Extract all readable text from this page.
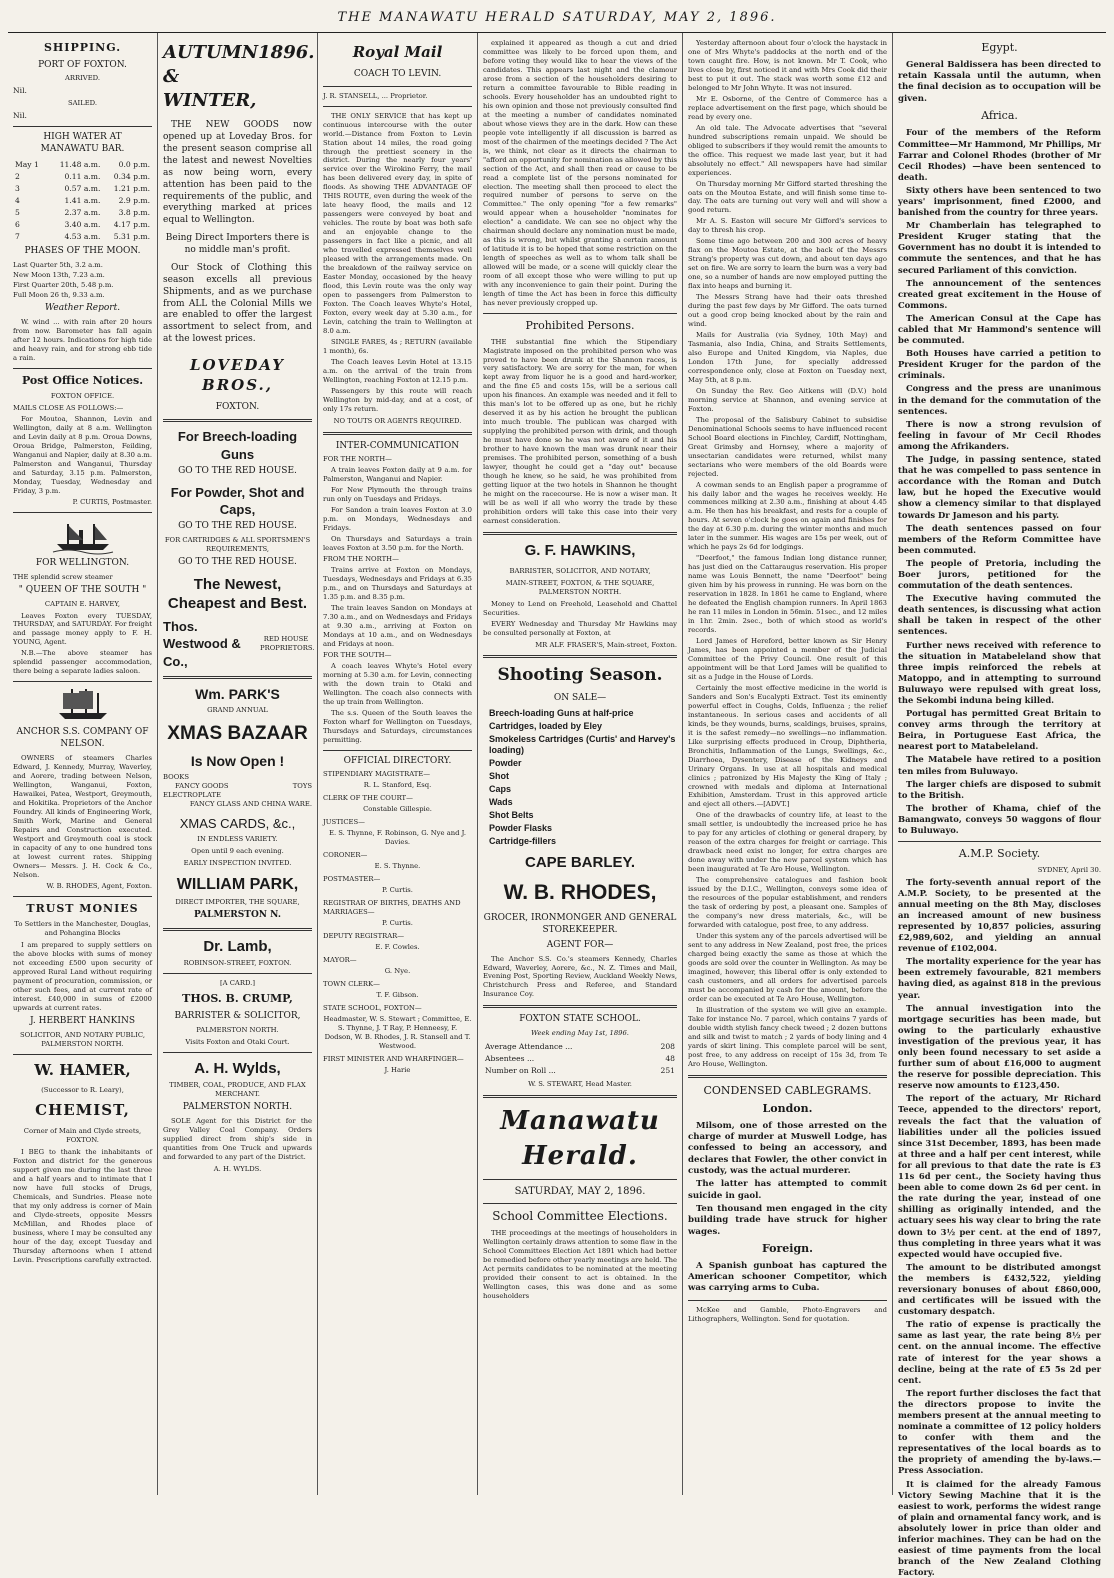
THE MANAWATU HERALD SATURDAY, MAY 2, 1896.
SHIPPING.
PORT OF FOXTON.
ARRIVED.
Nil.
SAILED.
Nil.
HIGH WATER AT MANAWATU BAR.
May 1	11.48 a.m.	0.0 p.m.
2	0.11 a.m.	0.34 p.m.
3	0.57 a.m.	1.21 p.m.
4	1.41 a.m.	2.9 p.m.
5	2.37 a.m.	3.8 p.m.
6	3.40 a.m.	4.17 p.m.
7	4.53 a.m.	5.31 p.m.
PHASES OF THE MOON.
Last Quarter 5th, 3.2 a.m.
New Moon 13th, 7.23 a.m.
First Quarter 20th, 5.48 p.m.
Full Moon 26 th, 9.33 a.m.
Weather Report.
W. wind ... with rain after 20 hours from now. Barometer has fall again after 12 hours. Indications for high tide and heavy rain, and for strong ebb tide a rain.
Post Office Notices.
FOXTON OFFICE.
MAILS CLOSE AS FOLLOWS:—
For Moutoa, Shannon, Levin and Wellington, daily at 8 a.m. Wellington and Levin daily at 8 p.m. Oroua Downs, Oroua Bridge, Palmerston, Feilding, Wanganui and Napier, daily at 8.30 a.m. Palmerston and Wanganui, Thursday and Saturday, 3.15 p.m. Palmerston, Monday, Tuesday, Wednesday and Friday, 3 p.m.
P. CURTIS, Postmaster.
FOR WELLINGTON.
THE splendid screw steamer
" QUEEN OF THE SOUTH "
CAPTAIN E. HARVEY,
Leaves Foxton every TUESDAY, THURSDAY, and SATURDAY. For freight and passage money apply to F. H. YOUNG, Agent.
N.B.—The above steamer has splendid passenger accommodation, there being a separate ladies saloon.
ANCHOR S.S. COMPANY OF NELSON.
OWNERS of steamers Charles Edward, J. Kennedy, Murray, Waverley, and Aorere, trading between Nelson, Wellington, Wanganui, Foxton, Hawaikei, Patea, Westport, Greymouth, and Hokitika. Proprietors of the Anchor Foundry. All kinds of Engineering Work, Smith Work, Marine and General Repairs and Construction executed. Westport and Greymouth coal is stock in capacity of any to one hundred tons at lowest current rates. Shipping Owners— Messrs. J. H. Cock & Co., Nelson.
W. B. RHODES, Agent, Foxton.
TRUST MONIES
To Settlers in the Manchester, Douglas, and Pohangina Blocks
I am prepared to supply settlers on the above blocks with sums of money not exceeding £500 upon security of approved Rural Land without requiring payment of procuration, commission, or other such fees, and at current rate of interest. £40,000 in sums of £2000 upwards at current rates.
J. HERBERT HANKINS
SOLICITOR, AND NOTARY PUBLIC, PALMERSTON NORTH.
W. HAMER,
(Successor to R. Leary),
CHEMIST,
Corner of Main and Clyde streets, FOXTON.
I BEG to thank the inhabitants of Foxton and district for the generous support given me during the last three and a half years and to intimate that I now have full stocks of Drugs, Chemicals, and Sundries. Please note that my only address is corner of Main and Clyde-streets, opposite Messrs McMillan, and Rhodes place of business, where I may be consulted any hour of the day, except Tuesday and Thursday afternoons when I attend Levin. Prescriptions carefully extracted.
AUTUMN & WINTER,
1896.
THE NEW GOODS now opened up at Loveday Bros. for the present season comprise all the latest and newest Novelties as now being worn, every attention has been paid to the requirements of the public, and everything marked at prices equal to Wellington.
Being Direct Importers there is no middle man's profit.
Our Stock of Clothing this season excells all previous Shipments, and as we purchase from ALL the Colonial Mills we are enabled to offer the largest assortment to select from, and at the lowest prices.
LOVEDAY BROS.,
FOXTON.
For Breech-loading Guns
GO TO THE RED HOUSE.
For Powder, Shot and Caps,
GO TO THE RED HOUSE.
FOR CARTRIDGES & ALL SPORTSMEN'S REQUIREMENTS,
GO TO THE RED HOUSE.
The Newest, Cheapest and Best.
Thos. Westwood & Co.,
RED HOUSE PROPRIETORS.
Wm. PARK'S
GRAND ANNUAL
XMAS BAZAAR
Is Now Open !
BOOKS
FANCY GOODS	TOYS
ELECTROPLATE
FANCY GLASS AND CHINA WARE.
XMAS CARDS, &c.,
IN ENDLESS VARIETY.
Open until 9 each evening.
EARLY INSPECTION INVITED.
WILLIAM PARK,
DIRECT IMPORTER, THE SQUARE,
PALMERSTON N.
Dr. Lamb,
ROBINSON-STREET, FOXTON.
[A CARD.]
THOS. B. CRUMP,
BARRISTER & SOLICITOR,
PALMERSTON NORTH.
Visits Foxton and Otaki Court.
A. H. Wylds,
TIMBER, COAL, PRODUCE, AND FLAX MERCHANT.
PALMERSTON NORTH.
SOLE Agent for this District for the Grey Valley Coal Company. Orders supplied direct from ship's side in quantities from One Truck and upwards and forwarded to any part of the District.
A. H. WYLDS.
Royal Mail
COACH TO LEVIN.
J. R. STANSELL, ... Proprietor.
THE ONLY SERVICE that has kept up continuous intercourse with the outer world.—Distance from Foxton to Levin Station about 14 miles, the road going through the prettiest scenery in the district. During the nearly four years' service over the Wirokino Ferry, the mail has been delivered every day, in spite of floods. As showing THE ADVANTAGE OF THIS ROUTE, even during the week of the late heavy flood, the mails and 12 passengers were conveyed by boat and vehicles. The route by boat was both safe and an enjoyable change to the passengers in fact like a picnic, and all who travelled expressed themselves well pleased with the arrangements made. On the breakdown of the railway service on Easter Monday, occasioned by the heavy flood, this Levin route was the only way open to passengers from Palmerston to Foxton. The Coach leaves Whyte's Hotel, Foxton, every week day at 5.30 a.m., for Levin, catching the train to Wellington at 8.0 a.m.
SINGLE FARES, 4s ; RETURN (available 1 month), 6s.
The Coach leaves Levin Hotel at 13.15 a.m. on the arrival of the train from Wellington, reaching Foxton at 12.15 p.m.
Passengers by this route will reach Wellington by mid-day, and at a cost, of only 17s return.
NO TOUTS OR AGENTS REQUIRED.
INTER-COMMUNICATION
FOR THE NORTH—
A train leaves Foxton daily at 9 a.m. for Palmerston, Wanganui and Napier.
For New Plymouth the through trains run only on Tuesdays and Fridays.
For Sandon a train leaves Foxton at 3.0 p.m. on Mondays, Wednesdays and Fridays.
On Thursdays and Saturdays a train leaves Foxton at 3.50 p.m. for the North.
FROM THE NORTH—
Trains arrive at Foxton on Mondays, Tuesdays, Wednesdays and Fridays at 6.35 p.m., and on Thursdays and Saturdays at 1.35 p.m. and 8.35 p.m.
The train leaves Sandon on Mondays at 7.30 a.m., and on Wednesdays and Fridays at 9.30 a.m., arriving at Foxton on Mondays at 10 a.m., and on Wednesdays and Fridays at noon.
FOR THE SOUTH—
A coach leaves Whyte's Hotel every morning at 5.30 a.m. for Levin, connecting with the down train to Otaki and Wellington. The coach also connects with the up train from Wellington.
The s.s. Queen of the South leaves the Foxton wharf for Wellington on Tuesdays, Thursdays and Saturdays, circumstances permitting.
OFFICIAL DIRECTORY.
STIPENDIARY MAGISTRATE—
R. L. Stanford, Esq.
CLERK OF THE COURT—
Constable Gillespie.
JUSTICES—
E. S. Thynne, F. Robinson, G. Nye and J. Davies.
CORONER—
E. S. Thynne.
POSTMASTER—
P. Curtis.
REGISTRAR OF BIRTHS, DEATHS AND MARRIAGES—
P. Curtis.
DEPUTY REGISTRAR—
E. F. Cowles.
MAYOR—
G. Nye.
TOWN CLERK—
T. F. Gibson.
STATE SCHOOL, FOXTON—
Headmaster, W. S. Stewart ; Committee, E. S. Thynne, J. T Ray, P. Henneesy, F. Dodson, W. B. Rhodes, J. R. Stansell and T. Westwood.
FIRST MINISTER AND WHARFINGER—
J. Harie
explained it appeared as though a cut and dried committee was likely to be forced upon them, and before voting they would like to hear the views of the candidates. This appears last night and the clamour arose from a section of the householders desiring to return a committee favourable to Bible reading in schools. Every householder has an undoubted right to his own opinion and those not previously consulted find at the meeting a number of candidates nominated about whose views they are in the dark. How can these people vote intelligently if all discussion is barred as most of the chairmen of the meetings decided ? The Act is, we think, not clear as it directs the chairman to "afford an opportunity for nomination as allowed by this section of the Act, and shall then read or cause to be read a complete list of the persons nominated for election. The meeting shall then proceed to elect the required number of persons to serve on the Committee." The only opening "for a few remarks" would appear when a householder "nominates for election" a candidate. We can see no object why the chairman should declare any nomination must be made, as this is wrong, but whilst granting a certain amount of latitude it is to be hoped that some restriction on the length of speeches as well as to whom talk shall be allowed will be made, or a scene will quickly clear the room of all except those who were willing to put up with any inconvenience to gain their point. During the length of time the Act has been in force this difficulty has never previously cropped up.
Prohibited Persons.
THE substantial fine which the Stipendiary Magistrate imposed on the prohibited person who was proved to have been drunk at the Shannon races, is very satisfactory. We are sorry for the man, for when kept away from liquor he is a good and hard-worker, and the fine £5 and costs 15s, will be a serious call upon his finances. An example was needed and it fell to this man's lot to be offered up as one, but he richly deserved it as by his action he brought the publican into much trouble. The publican was charged with supplying the prohibited person with drink, and though he must have done so he was not aware of it and his brother to have known the man was drunk near their premises. The prohibited person, something of a bush lawyer, thought he could get a "day out" because though he knew, so he said, he was prohibited from getting liquor at the two hotels in Shannon he thought he might on the racecourse. He is now a wiser man. It will be as well if all who worry the trade by these prohibition orders will take this case into their very earnest consideration.
G. F. HAWKINS,
BARRISTER, SOLICITOR, AND NOTARY,
MAIN-STREET, FOXTON, & THE SQUARE, PALMERSTON NORTH.
Money to Lend on Freehold, Leasehold and Chattel Securities.
EVERY Wednesday and Thursday Mr Hawkins may be consulted personally at Foxton, at
MR ALF. FRASER'S, Main-street, Foxton.
Shooting Season.
ON SALE—
Breech-loading Guns at half-price
Cartridges, loaded by Eley
Smokeless Cartridges (Curtis' and Harvey's loading)
Powder
Shot
Caps
Wads
Shot Belts
Powder Flasks
Cartridge-fillers
CAPE BARLEY.
W. B. RHODES,
GROCER, IRONMONGER AND GENERAL STOREKEEPER.
AGENT FOR—
The Anchor S.S. Co.'s steamers Kennedy, Charles Edward, Waverley, Aorere, &c., N. Z. Times and Mail, Evening Post, Sporting Review, Auckland Weekly News, Christchurch Press and Referee, and Standard Insurance Coy.
FOXTON STATE SCHOOL.
Week ending May 1st, 1896.
Average Attendance ...	208
Absentees ...	48
Number on Roll ...	251
W. S. STEWART, Head Master.
Manawatu Herald.
SATURDAY, MAY 2, 1896.
School Committee Elections.
THE proceedings at the meetings of householders in Wellington certainly draws attention to some flaw in the School Committees Election Act 1891 which had better be remedied before other yearly meetings are held. The Act permits candidates to be nominated at the meeting provided their consent to act is obtained. In the Wellington cases, this was done and as some householders
Yesterday afternoon about four o'clock the haystack in one of Mrs Whyte's paddocks at the north end of the town caught fire. How, is not known. Mr T. Cook, who lives close by, first noticed it and with Mrs Cook did their best to put it out. The stack was worth some £12 and belonged to Mr John Whyte. It was not insured.
Mr E. Osborne, of the Centre of Commerce has a replace advertisement on the first page, which should be read by every one.
An old tale. The Advocate advertises that "several hundred subscriptions remain unpaid. We should be obliged to subscribers if they would remit the amounts to the office. This request we made last year, but it had absolutely no effect." All newspapers have had similar experiences.
On Thursday morning Mr Gifford started threshing the oats on the Moutoa Estate, and will finish some time to-day. The oats are turning out very well and will show a good return.
Mr A. S. Easton will secure Mr Gifford's services to day to thresh his crop.
Some time ago between 200 and 300 acres of heavy flax on the Moutoa Estate, at the back of the Messrs Strang's property was cut down, and about ten days ago set on fire. We are sorry to learn the burn was a very bad one, so a number of hands are now employed putting the flax into heaps and burning it.
The Messrs Strang have had their oats threshed during the past few days by Mr Gifford. The oats turned out a good crop being knocked about by the rain and wind.
Mails for Australia (via Sydney, 10th May) and Tasmania, also India, China, and Straits Settlements, also Europe and United Kingdom, via Naples, due London 17th June, for specially addressed correspondence only, close at Foxton on Tuesday next, May 5th, at 8 p.m.
On Sunday the Rev. Geo Aitkens will (D.V.) hold morning service at Shannon, and evening service at Foxton.
The proposal of the Salisbury Cabinet to subsidise Denominational Schools seems to have influenced recent School Board elections in Finchley, Cardiff, Nottingham, Great Grimsby and Hornsey, where a majority of unsectarian candidates were returned, whilst many sectarians who were members of the old Boards were rejected.
A cowman sends to an English paper a programme of his daily labor and the wages he receives weekly. He commences milking at 2.30 a.m., finishing at about 4.45 a.m. He then has his breakfast, and rests for a couple of hours. At seven o'clock he goes on again and finishes for the day at 6.30 p.m. during the winter months and much later in the summer. His wages are 15s per week, out of which he pays 2s 6d for lodgings.
"Deerfoot," the famous Indian long distance runner, has just died on the Cattaraugus reservation. His proper name was Louis Bennett, the name "Deerfoot" being given him by his prowess in running. He was born on the reservation in 1828. In 1861 he came to England, where he defeated the English champion runners. In April 1863 he ran 11 miles in London in 56min. 51sec., and 12 miles in 1hr. 2min. 2sec., both of which stood as world's records.
Lord James of Hereford, better known as Sir Henry James, has been appointed a member of the Judicial Committee of the Privy Council. One result of this appointment will be that Lord James will be qualified to sit as a Judge in the House of Lords.
Certainly the most effective medicine in the world is Sanders and Son's Eucalypti Extract. Test its eminently powerful effect in Coughs, Colds, Influenza ; the relief instantaneous. In serious cases and accidents of all kinds, be they wounds, burns, scaldings, bruises, sprains, it is the safest remedy—no swellings—no inflammation. Like surprising effects produced in Croup, Diphtheria, Bronchitis, Inflammation of the Lungs, Swellings, &c., Diarrhoea, Dysentery, Disease of the Kidneys and Urinary Organs. In use at all hospitals and medical clinics ; patronized by His Majesty the King of Italy ; crowned with medals and diploma at International Exhibition, Amsterdam. Trust in this approved article and eject all others.—[ADVT.]
One of the drawbacks of country life, at least to the small settler, is undoubtedly the increased price he has to pay for any articles of clothing or general drapery, by reason of the extra charges for freight or carriage. This drawback need exist no longer, for extra charges are done away with under the new parcel system which has been inaugurated at Te Aro House, Wellington.
The comprehensive catalogues and fashion book issued by the D.I.C., Wellington, conveys some idea of the resources of the popular establishment, and renders the task of ordering by post, a pleasant one. Samples of the company's new dress materials, &c., will be forwarded with catalogue, post free, to any address.
Under this system any of the parcels advertised will be sent to any address in New Zealand, post free, the prices charged being exactly the same as those at which the goods are sold over the counter in Wellington. As may be imagined, however, this liberal offer is only extended to cash customers, and all orders for advertised parcels must be accompanied by cash for the amount, before the order can be executed at Te Aro House, Wellington.
In illustration of the system we will give an example. Take for instance No. 7 parcel, which contains 7 yards of double width stylish fancy check tweed ; 2 dozen buttons and silk and twist to match ; 2 yards of body lining and 4 yards of skirt lining. This complete parcel will be sent, post free, to any address on receipt of 15s 3d, from Te Aro House, Wellington.
CONDENSED CABLEGRAMS.
London.
Milsom, one of those arrested on the charge of murder at Muswell Lodge, has confessed to being an accessory, and declares that Fowler, the other convict in custody, was the actual murderer.
The latter has attempted to commit suicide in gaol.
Ten thousand men engaged in the city building trade have struck for higher wages.
Foreign.
A Spanish gunboat has captured the American schooner Competitor, which was carrying arms to Cuba.
McKee and Gamble, Photo-Engravers and Lithographers, Wellington. Send for quotation.
Egypt.
General Baldissera has been directed to retain Kassala until the autumn, when the final decision as to occupation will be given.
Africa.
Four of the members of the Reform Committee—Mr Hammond, Mr Phillips, Mr Farrar and Colonel Rhodes (brother of Mr Cecil Rhodes) —have been sentenced to death.
Sixty others have been sentenced to two years' imprisonment, fined £2000, and banished from the country for three years.
Mr Chamberlain has telegraphed to President Kruger stating that the Government has no doubt it is intended to commute the sentences, and that he has secured Parliament of this conviction.
The announcement of the sentences created great excitement in the House of Commons.
The American Consul at the Cape has cabled that Mr Hammond's sentence will be commuted.
Both Houses have carried a petition to President Kruger for the pardon of the criminals.
Congress and the press are unanimous in the demand for the commutation of the sentences.
There is now a strong revulsion of feeling in favour of Mr Cecil Rhodes among the Afrikanders.
The Judge, in passing sentence, stated that he was compelled to pass sentence in accordance with the Roman and Dutch law, but he hoped the Executive would show a clemency similar to that displayed towards Dr Jameson and his party.
The death sentences passed on four members of the Reform Committee have been commuted.
The people of Pretoria, including the Boer jurors, petitioned for the commutation of the death sentences.
The Executive having commuted the death sentences, is discussing what action shall be taken in respect of the other sentences.
Further news received with reference to the situation in Matabeleland show that three impis reinforced the rebels at Matoppo, and in attempting to surround Buluwayo were repulsed with great loss, the Sekombi induna being killed.
Portugal has permitted Great Britain to convey arms through the territory at Beira, in Portuguese East Africa, the nearest port to Matabeleland.
The Matabele have retired to a position ten miles from Buluwayo.
The larger chiefs are disposed to submit to the British.
The brother of Khama, chief of the Bamangwato, conveys 50 waggons of flour to Buluwayo.
A.M.P. Society.
SYDNEY, April 30.
The forty-seventh annual report of the A.M.P. Society, to be presented at the annual meeting on the 8th May, discloses an increased amount of new business represented by 10,857 policies, assuring £2,989,602, and yielding an annual revenue of £102,004.
The mortality experience for the year has been extremely favourable, 821 members having died, as against 818 in the previous year.
The annual investigation into the mortgage securities has been made, but owing to the particularly exhaustive investigation of the previous year, it has only been found necessary to set aside a further sum of about £16,000 to augment the reserve for possible depreciation. This reserve now amounts to £123,450.
The report of the actuary, Mr Richard Teece, appended to the directors' report, reveals the fact that the valuation of liabilities under all the policies issued since 31st December, 1893, has been made at three and a half per cent interest, while for all previous to that date the rate is £3 11s 6d per cent., the Society having thus been able to come down 2s 6d per cent. in the rate during the year, instead of one shilling as originally intended, and the actuary sees his way clear to bring the rate down to 3½ per cent. at the end of 1897, thus completing in three years what it was expected would have occupied five.
The amount to be distributed amongst the members is £432,522, yielding reversionary bonuses of about £860,000, and certificates will be issued with the customary despatch.
The ratio of expense is practically the same as last year, the rate being 8½ per cent. on the annual income. The effective rate of interest for the year shows a decline, being at the rate of £5 5s 2d per cent.
The report further discloses the fact that the directors propose to invite the members present at the annual meeting to nominate a committee of 12 policy holders to confer with them and the representatives of the local boards as to the propriety of amending the by-laws.—Press Association.
It is claimed for the already Famous Victory Sewing Machine that it is the easiest to work, performs the widest range of plain and ornamental fancy work, and is absolutely lower in price than older and inferior machines. They can be had on the easiest of time payments from the local branch of the New Zealand Clothing Factory.
